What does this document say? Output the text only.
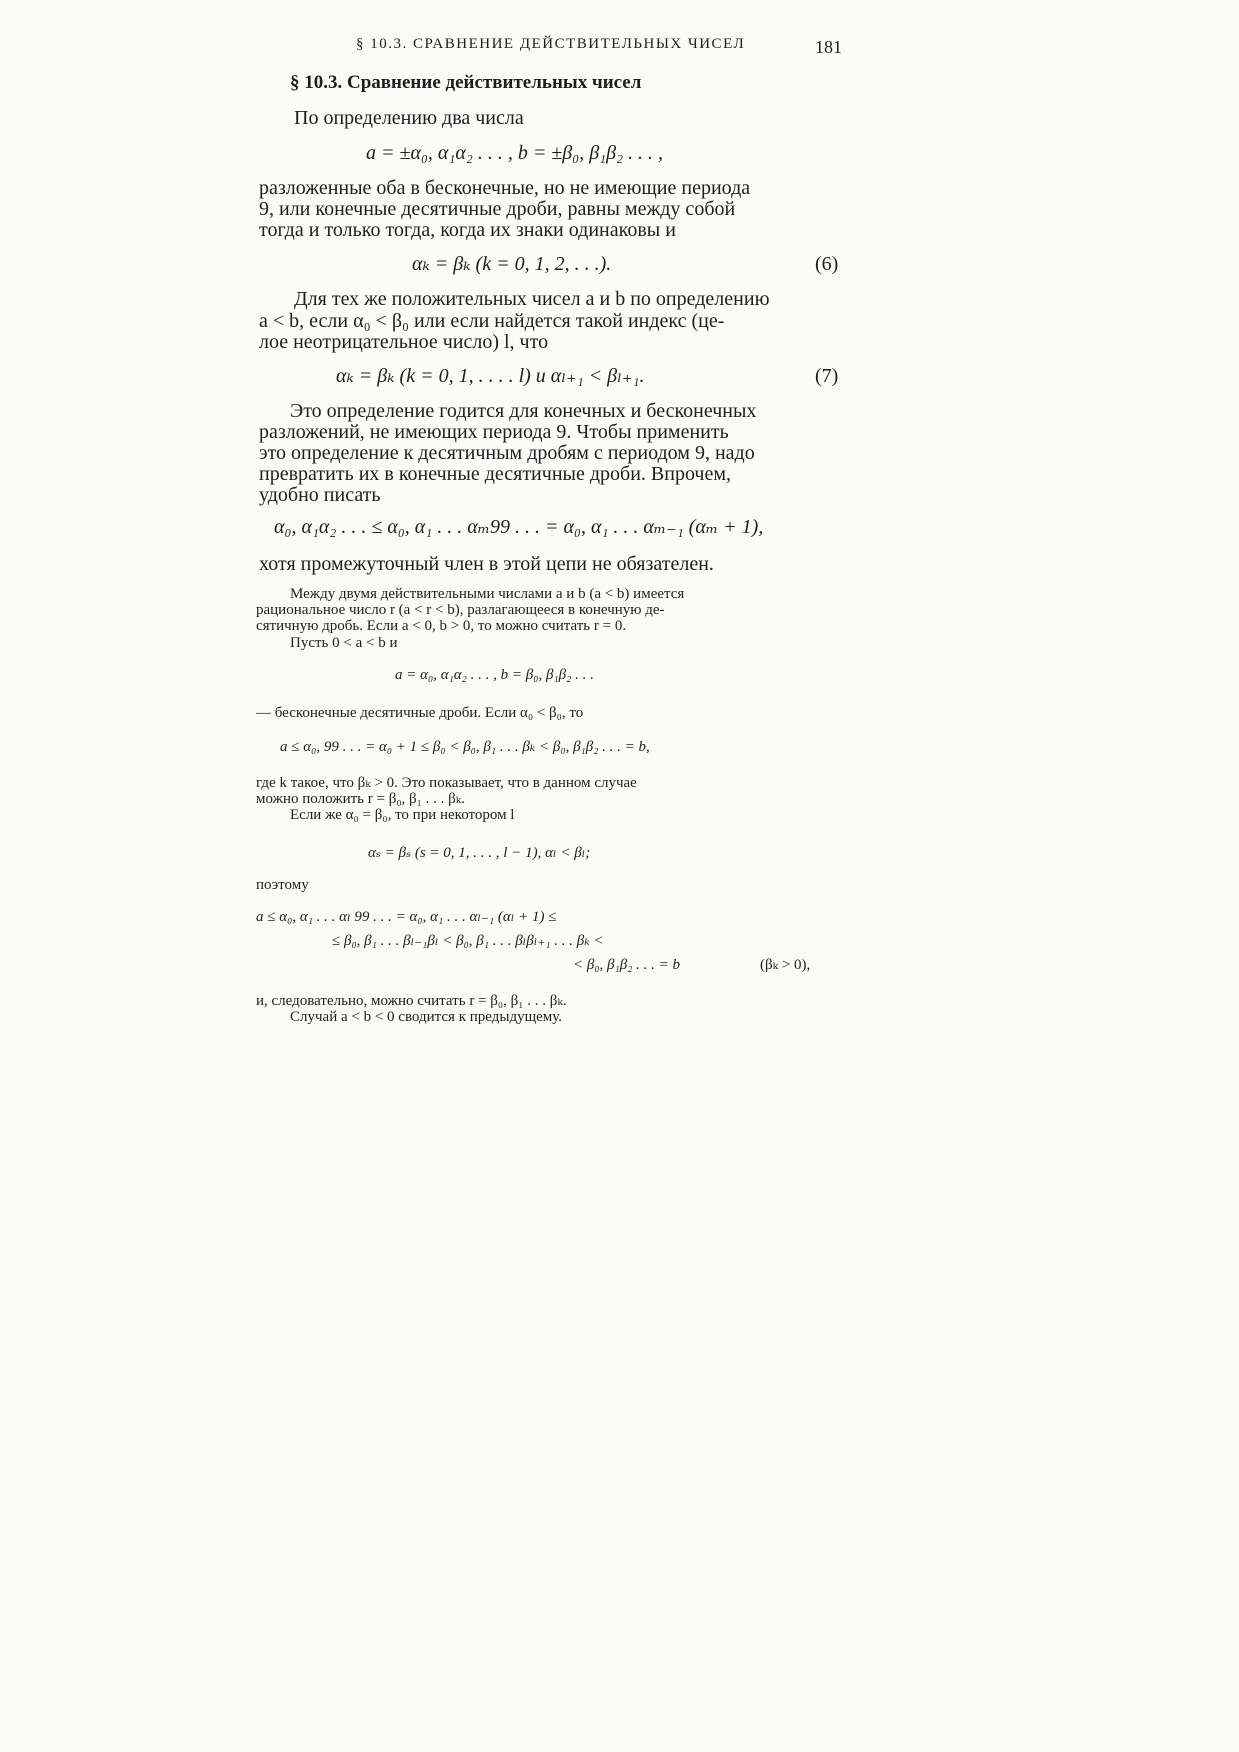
§ 10.3. СРАВНЕНИЕ ДЕЙСТВИТЕЛЬНЫХ ЧИСЕЛ	181
§ 10.3. Сравнение действительных чисел
По определению два числа
a = ±α₀, α₁α₂ . . . , b = ±β₀, β₁β₂ . . . ,
разложенные оба в бесконечные, но не имеющие периода
9, или конечные десятичные дроби, равны между собой
тогда и только тогда, когда их знаки одинаковы и
αₖ = βₖ (k = 0, 1, 2, . . .).	(6)
Для тех же положительных чисел a и b по определению
a < b, если α₀ < β₀ или если найдется такой индекс (це-
лое неотрицательное число) l, что
αₖ = βₖ (k = 0, 1, . . . . l) и αₗ₊₁ < βₗ₊₁.	(7)
Это определение годится для конечных и бесконечных
разложений, не имеющих периода 9. Чтобы применить
это определение к десятичным дробям с периодом 9, надо
превратить их в конечные десятичные дроби. Впрочем,
удобно писать
α₀, α₁α₂ . . . ≤ α₀, α₁ . . . αₘ99 . . . = α₀, α₁ . . . αₘ₋₁ (αₘ + 1),
хотя промежуточный член в этой цепи не обязателен.
Между двумя действительными числами a и b (a < b) имеется
рациональное число r (a < r < b), разлагающееся в конечную де-
сятичную дробь. Если a < 0, b > 0, то можно считать r = 0.
Пусть 0 < a < b и
a = α₀, α₁α₂ . . . , b = β₀, β₁β₂ . . .
— бесконечные десятичные дроби. Если α₀ < β₀, то
a ≤ α₀, 99 . . . = α₀ + 1 ≤ β₀ < β₀, β₁ . . . βₖ < β₀, β₁β₂ . . . = b,
где k такое, что βₖ > 0. Это показывает, что в данном случае
можно положить r = β₀, β₁ . . . βₖ.
Если же α₀ = β₀, то при некотором l
αₛ = βₛ (s = 0, 1, . . . , l − 1), αₗ < βₗ;
поэтому
a ≤ α₀, α₁ . . . αₗ 99 . . . = α₀, α₁ . . . αₗ₋₁ (αₗ + 1) ≤
≤ β₀, β₁ . . . βₗ₋₁βₗ < β₀, β₁ . . . βₗβₗ₊₁ . . . βₖ <
< β₀, β₁β₂ . . . = b	(βₖ > 0),
и, следовательно, можно считать r = β₀, β₁ . . . βₖ.
Случай a < b < 0 сводится к предыдущему.
